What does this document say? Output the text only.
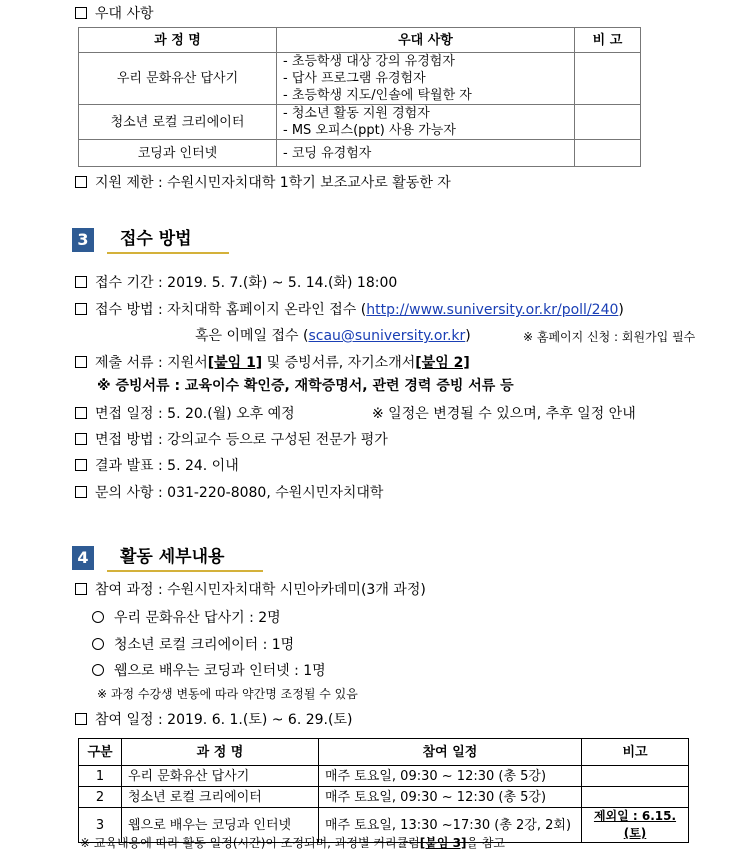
우대 사항
과 정 명	우대 사항	비 고
우리 문화유산 답사기	- 초등학생 대상 강의 유경험자
- 답사 프로그램 유경험자
- 초등학생 지도/인솔에 탁월한 자	

청소년 로컬 크리에이터	- 청소년 활동 지원 경험자
- MS 오피스(ppt) 사용 가능자	

코딩과 인터넷	- 코딩 유경험자	

지원 제한 : 수원시민자치대학 1학기 보조교사로 활동한 자
3	접수 방법
접수 기간 : 2019. 5. 7.(화) ~ 5. 14.(화) 18:00
접수 방법 : 자치대학 홈페이지 온라인 접수 (http://www.suniversity.or.kr/poll/240)
혹은 이메일 접수 (scau@suniversity.or.kr)	※ 홈페이지 신청 : 회원가입 필수
제출 서류 : 지원서[붙임 1] 및 증빙서류, 자기소개서[붙임 2]
※ 증빙서류 : 교육이수 확인증, 재학증명서, 관련 경력 증빙 서류 등
면접 일정 : 5. 20.(월) 오후 예정	※ 일정은 변경될 수 있으며, 추후 일정 안내
면접 방법 : 강의교수 등으로 구성된 전문가 평가
결과 발표 : 5. 24. 이내
문의 사항 : 031-220-8080, 수원시민자치대학
4	활동 세부내용
참여 과정 : 수원시민자치대학 시민아카데미(3개 과정)
우리 문화유산 답사기 : 2명
청소년 로컬 크리에이터 : 1명
웹으로 배우는 코딩과 인터넷 : 1명
※ 과정 수강생 변동에 따라 약간명 조정될 수 있음
참여 일정 : 2019. 6. 1.(토) ~ 6. 29.(토)
구분	과 정 명	참여 일정	비고
1	우리 문화유산 답사기	매주 토요일, 09:30 ~ 12:30 (총 5강)	
2	청소년 로컬 크리에이터	매주 토요일, 09:30 ~ 12:30 (총 5강)	
3	웹으로 배우는 코딩과 인터넷	매주 토요일, 13:30 ~17:30 (총 2강, 2회)	제외일 : 6.15.(토)
※ 교육내용에 따라 활동 일정(시간)이 조정되며, 과정별 커리큘럼[붙임 3]을 참고
